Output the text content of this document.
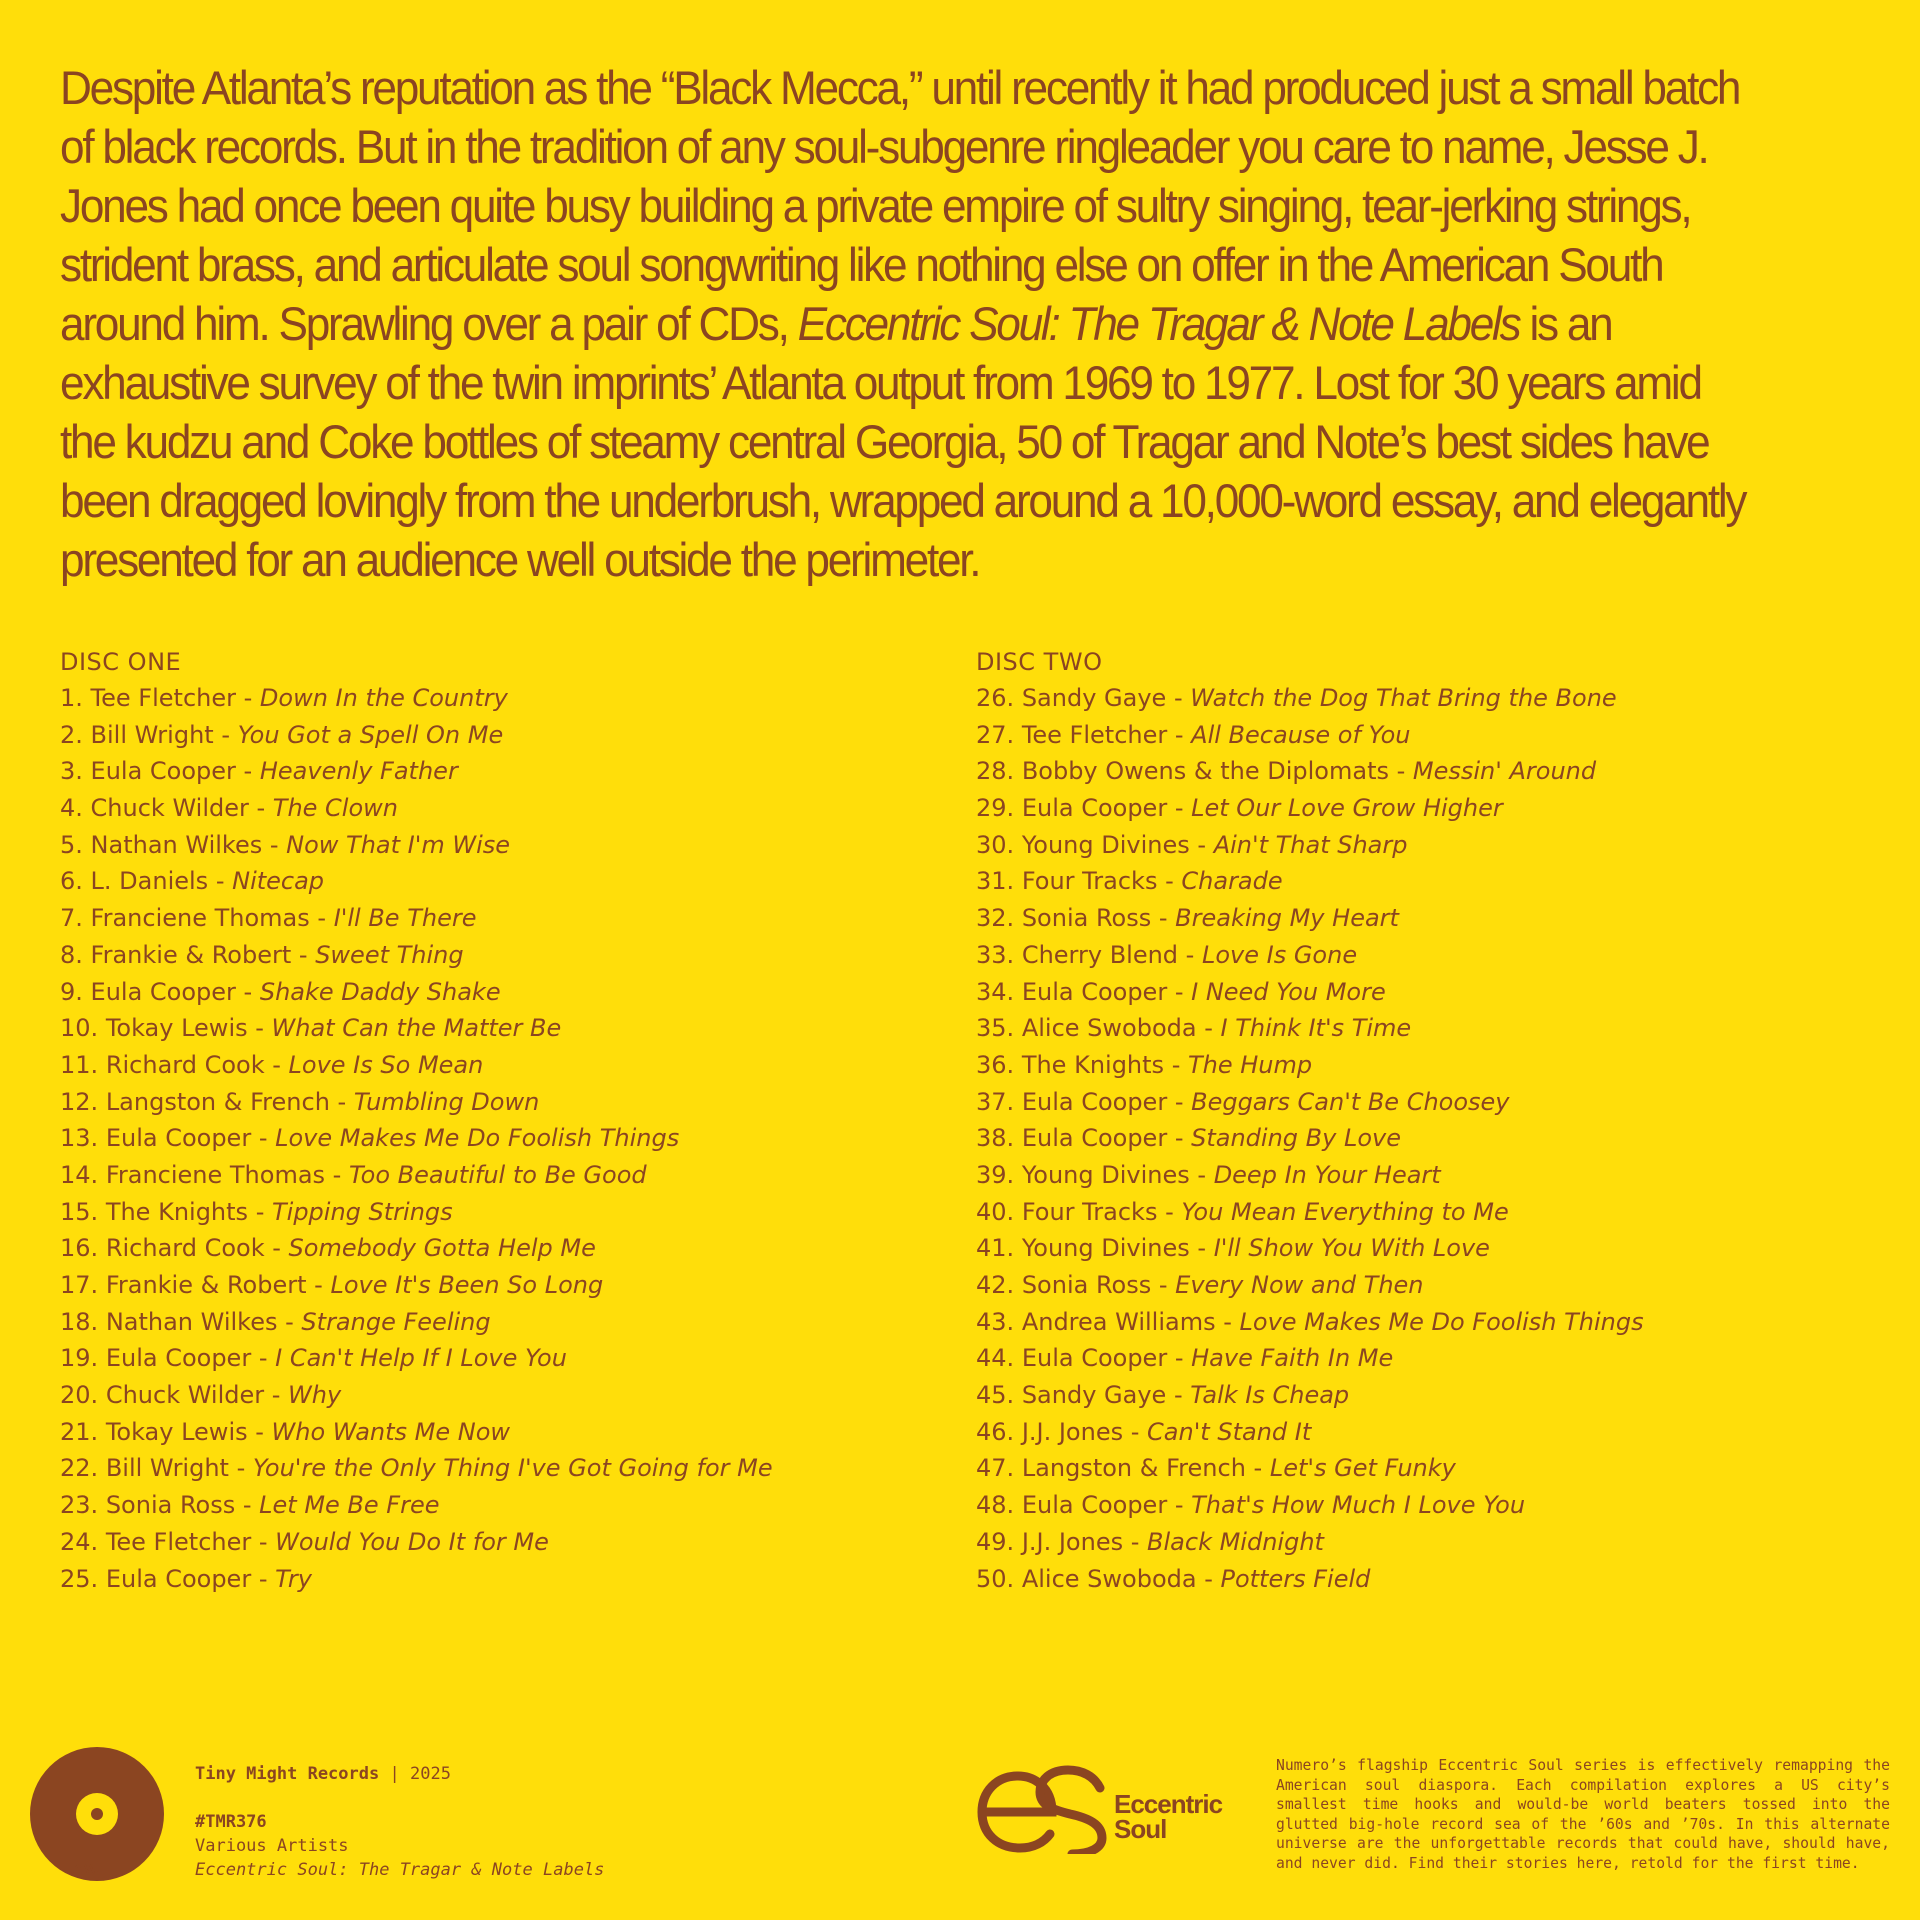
Despite Atlanta’s reputation as the “Black Mecca,” until recently it had produced just a small batch of black records. But in the tradition of any soul-subgenre ringleader you care to name, Jesse J. Jones had once been quite busy building a private empire of sultry singing, tear-jerking strings, strident brass, and articulate soul songwriting like nothing else on offer in the American South around him. Sprawling over a pair of CDs, Eccentric Soul: The Tragar & Note Labels is an exhaustive survey of the twin imprints’ Atlanta output from 1969 to 1977. Lost for 30 years amid the kudzu and Coke bottles of steamy central Georgia, 50 of Tragar and Note’s best sides have been dragged lovingly from the underbrush, wrapped around a 10,000-word essay, and elegantly presented for an audience well outside the perimeter.

DISC ONE
1. Tee Fletcher - Down In the Country
2. Bill Wright - You Got a Spell On Me
3. Eula Cooper - Heavenly Father
4. Chuck Wilder - The Clown
5. Nathan Wilkes - Now That I'm Wise
6. L. Daniels - Nitecap
7. Franciene Thomas - I'll Be There
8. Frankie & Robert - Sweet Thing
9. Eula Cooper - Shake Daddy Shake
10. Tokay Lewis - What Can the Matter Be
11. Richard Cook - Love Is So Mean
12. Langston & French - Tumbling Down
13. Eula Cooper - Love Makes Me Do Foolish Things
14. Franciene Thomas - Too Beautiful to Be Good
15. The Knights - Tipping Strings
16. Richard Cook - Somebody Gotta Help Me
17. Frankie & Robert - Love It's Been So Long
18. Nathan Wilkes - Strange Feeling
19. Eula Cooper - I Can't Help If I Love You
20. Chuck Wilder - Why
21. Tokay Lewis - Who Wants Me Now
22. Bill Wright - You're the Only Thing I've Got Going for Me
23. Sonia Ross - Let Me Be Free
24. Tee Fletcher - Would You Do It for Me
25. Eula Cooper - Try
DISC TWO
26. Sandy Gaye - Watch the Dog That Bring the Bone
27. Tee Fletcher - All Because of You
28. Bobby Owens & the Diplomats - Messin' Around
29. Eula Cooper - Let Our Love Grow Higher
30. Young Divines - Ain't That Sharp
31. Four Tracks - Charade
32. Sonia Ross - Breaking My Heart
33. Cherry Blend - Love Is Gone
34. Eula Cooper - I Need You More
35. Alice Swoboda - I Think It's Time
36. The Knights - The Hump
37. Eula Cooper - Beggars Can't Be Choosey
38. Eula Cooper - Standing By Love
39. Young Divines - Deep In Your Heart
40. Four Tracks - You Mean Everything to Me
41. Young Divines - I'll Show You With Love
42. Sonia Ross - Every Now and Then
43. Andrea Williams - Love Makes Me Do Foolish Things
44. Eula Cooper - Have Faith In Me
45. Sandy Gaye - Talk Is Cheap
46. J.J. Jones - Can't Stand It
47. Langston & French - Let's Get Funky
48. Eula Cooper - That's How Much I Love You
49. J.J. Jones - Black Midnight
50. Alice Swoboda - Potters Field
Tiny Might Records | 2025
#TMR376
Various Artists
Eccentric Soul: The Tragar & Note Labels
Eccentric
Soul
Numero’s flagship Eccentric Soul series is effectively remapping the American soul diaspora. Each compilation explores a US city’s smallest time hooks and would-be world beaters tossed into the glutted big-hole record sea of the ’60s and ’70s. In this alternate universe are the unforgettable records that could have, should have, and never did. Find their stories here, retold for the first time.
